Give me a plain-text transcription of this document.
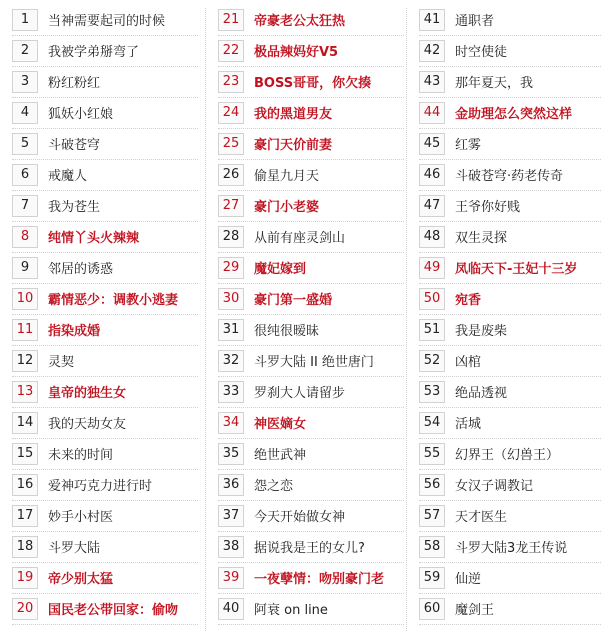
1	当神需要起司的时候
2	我被学弟掰弯了
3	粉红粉红
4	狐妖小红娘
5	斗破苍穹
6	戒魔人
7	我为苍生
8	纯情丫头火辣辣
9	邻居的诱惑
10	霸情恶少：调教小逃妻
11	指染成婚
12	灵契
13	皇帝的独生女
14	我的天劫女友
15	未来的时间
16	爱神巧克力进行时
17	妙手小村医
18	斗罗大陆
19	帝少别太猛
20	国民老公带回家：偷吻
21	帝豪老公太狂热
22	极品辣妈好V5
23	BOSS哥哥，你欠揍
24	我的黑道男友
25	豪门天价前妻
26	偷星九月天
27	豪门小老婆
28	从前有座灵剑山
29	魔妃嫁到
30	豪门第一盛婚
31	很纯很暧昧
32	斗罗大陆 II 绝世唐门
33	罗刹大人请留步
34	神医嫡女
35	绝世武神
36	怨之恋
37	今天开始做女神
38	据说我是王的女儿?
39	一夜孽情：吻别豪门老
40	阿衰 on line
41	通职者
42	时空使徒
43	那年夏天，我
44	金助理怎么突然这样
45	红雾
46	斗破苍穹·药老传奇
47	王爷你好贱
48	双生灵探
49	凤临天下-王妃十三岁
50	宛香
51	我是废柴
52	凶棺
53	绝品透视
54	活城
55	幻界王（幻兽王）
56	女汉子调教记
57	天才医生
58	斗罗大陆3龙王传说
59	仙逆
60	魔剑王
